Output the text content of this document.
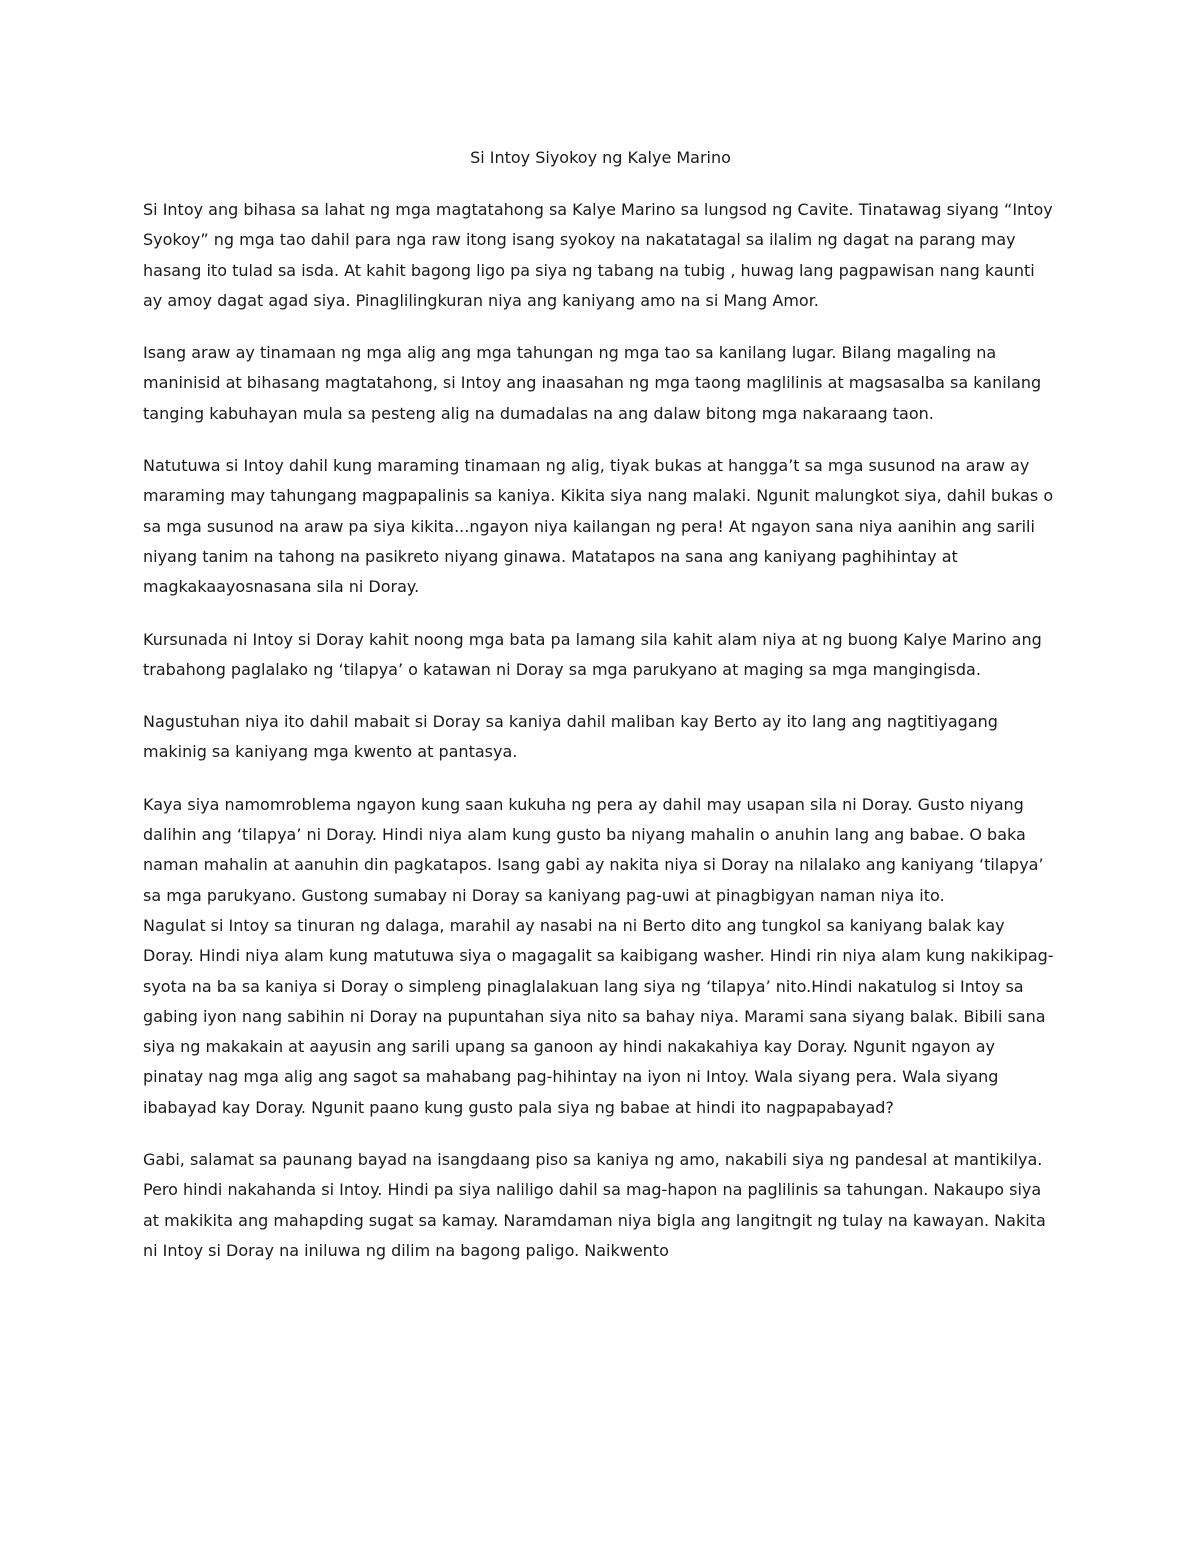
Si Intoy Siyokoy ng Kalye Marino

Si Intoy ang bihasa sa lahat ng mga magtatahong sa Kalye Marino sa lungsod ng Cavite. Tinatawag siyang “Intoy Syokoy” ng mga tao dahil para nga raw itong isang syokoy na nakatatagal sa ilalim ng dagat na parang may hasang ito tulad sa isda. At kahit bagong ligo pa siya ng tabang na tubig , huwag lang pagpawisan nang kaunti ay amoy dagat agad siya. Pinaglilingkuran niya ang kaniyang amo na si Mang Amor.

Isang araw ay tinamaan ng mga alig ang mga tahungan ng mga tao sa kanilang lugar. Bilang magaling na maninisid at bihasang magtatahong, si Intoy ang inaasahan ng mga taong maglilinis at magsasalba sa kanilang tanging kabuhayan mula sa pesteng alig na dumadalas na ang dalaw bitong mga nakaraang taon.

Natutuwa si Intoy dahil kung maraming tinamaan ng alig, tiyak bukas at hangga’t sa mga susunod na araw ay maraming may tahungang magpapalinis sa kaniya. Kikita siya nang malaki. Ngunit malungkot siya, dahil bukas o sa mga susunod na araw pa siya kikita...ngayon niya kailangan ng pera! At ngayon sana niya aanihin ang sarili niyang tanim na tahong na pasikreto niyang ginawa. Matatapos na sana ang kaniyang paghihintay at magkakaayosnasana sila ni Doray.

Kursunada ni Intoy si Doray kahit noong mga bata pa lamang sila kahit alam niya at ng buong Kalye Marino ang trabahong paglalako ng ‘tilapya’ o katawan ni Doray sa mga parukyano at maging sa mga mangingisda.

Nagustuhan niya ito dahil mabait si Doray sa kaniya dahil maliban kay Berto ay ito lang ang nagtitiyagang makinig sa kaniyang mga kwento at pantasya.

Kaya siya namomroblema ngayon kung saan kukuha ng pera ay dahil may usapan sila ni Doray. Gusto niyang dalihin ang ‘tilapya’ ni Doray. Hindi niya alam kung gusto ba niyang mahalin o anuhin lang ang babae. O baka naman mahalin at aanuhin din pagkatapos. Isang gabi ay nakita niya si Doray na nilalako ang kaniyang ‘tilapya’ sa mga parukyano. Gustong sumabay ni Doray sa kaniyang pag-uwi at pinagbigyan naman niya ito.

Nagulat si Intoy sa tinuran ng dalaga, marahil ay nasabi na ni Berto dito ang tungkol sa kaniyang balak kay Doray. Hindi niya alam kung matutuwa siya o magagalit sa kaibigang washer. Hindi rin niya alam kung nakikipag-syota na ba sa kaniya si Doray o simpleng pinaglalakuan lang siya ng ‘tilapya’ nito.Hindi nakatulog si Intoy sa gabing iyon nang sabihin ni Doray na pupuntahan siya nito sa bahay niya. Marami sana siyang balak. Bibili sana siya ng makakain at aayusin ang sarili upang sa ganoon ay hindi nakakahiya kay Doray. Ngunit ngayon ay pinatay nag mga alig ang sagot sa mahabang pag-hihintay na iyon ni Intoy. Wala siyang pera. Wala siyang ibabayad kay Doray. Ngunit paano kung gusto pala siya ng babae at hindi ito nagpapabayad?

Gabi, salamat sa paunang bayad na isangdaang piso sa kaniya ng amo, nakabili siya ng pandesal at mantikilya. Pero hindi nakahanda si Intoy. Hindi pa siya naliligo dahil sa mag-hapon na paglilinis sa tahungan. Nakaupo siya at makikita ang mahapding sugat sa kamay. Naramdaman niya bigla ang langitngit ng tulay na kawayan. Nakita ni Intoy si Doray na iniluwa ng dilim na bagong paligo. Naikwento
